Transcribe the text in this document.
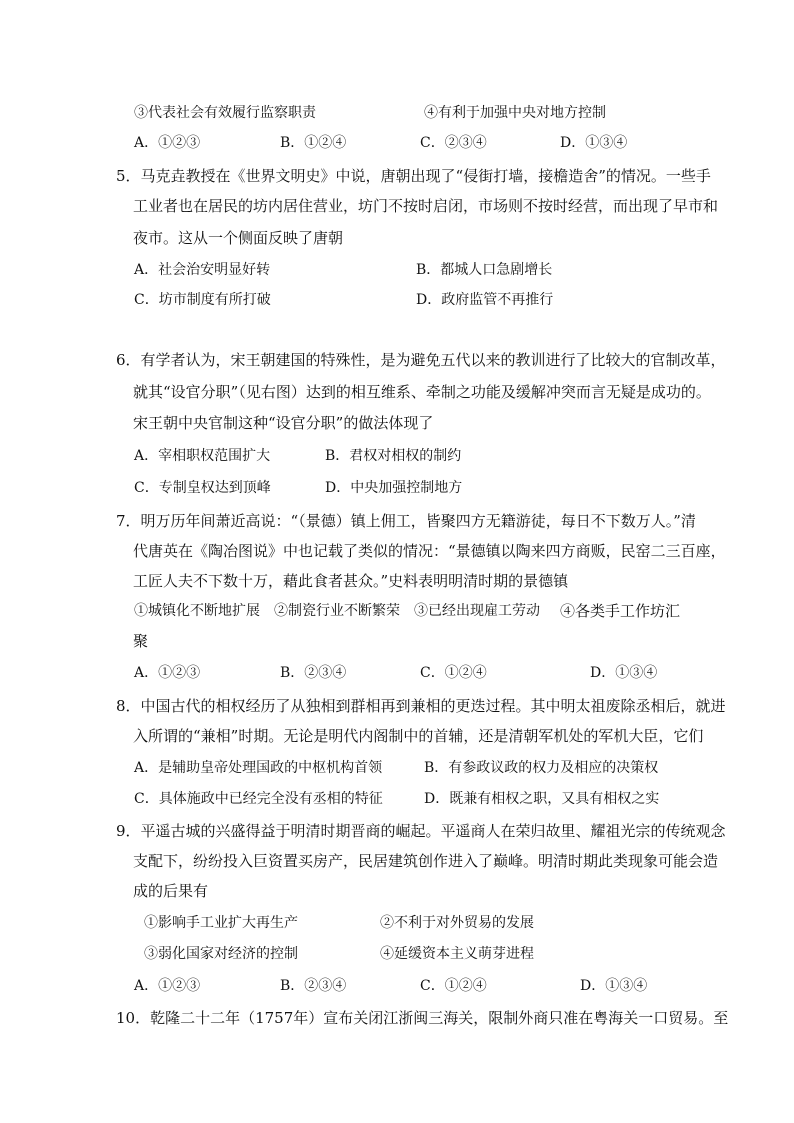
③代表社会有效履行监察职责	④有利于加强中央对地方控制
A．①②③	B．①②④	C．②③④	D．①③④
5．马克垚教授在《世界文明史》中说，唐朝出现了“侵街打墙，接檐造舍”的情况。一些手
工业者也在居民的坊内居住营业，坊门不按时启闭，市场则不按时经营，而出现了早市和
夜市。这从一个侧面反映了唐朝
A．社会治安明显好转	B．都城人口急剧增长
C．坊市制度有所打破	D．政府监管不再推行
6．有学者认为，宋王朝建国的特殊性，是为避免五代以来的教训进行了比较大的官制改革，
就其“设官分职”（见右图）达到的相互维系、牵制之功能及缓解冲突而言无疑是成功的。
宋王朝中央官制这种“设官分职”的做法体现了
A．宰相职权范围扩大	B．君权对相权的制约
C．专制皇权达到顶峰	D．中央加强控制地方
7．明万历年间萧近高说：“（景德）镇上佣工，皆聚四方无籍游徒，每日不下数万人。”清
代唐英在《陶冶图说》中也记载了类似的情况：“景德镇以陶来四方商贩，民窑二三百座，
工匠人夫不下数十万，藉此食者甚众。”史料表明明清时期的景德镇
①城镇化不断地扩展 ②制瓷行业不断繁荣 ③已经出现雇工劳动 ④各类手工作坊汇
聚
A．①②③	B．②③④	C．①②④	D．①③④
8．中国古代的相权经历了从独相到群相再到兼相的更迭过程。其中明太祖废除丞相后，就进
入所谓的“兼相”时期。无论是明代内阁制中的首辅，还是清朝军机处的军机大臣，它们
A．是辅助皇帝处理国政的中枢机构首领	B．有参政议政的权力及相应的决策权
C．具体施政中已经完全没有丞相的特征	D．既兼有相权之职，又具有相权之实
9．平遥古城的兴盛得益于明清时期晋商的崛起。平遥商人在荣归故里、耀祖光宗的传统观念
支配下，纷纷投入巨资置买房产，民居建筑创作进入了巅峰。明清时期此类现象可能会造
成的后果有
①影响手工业扩大再生产	②不利于对外贸易的发展
③弱化国家对经济的控制	④延缓资本主义萌芽进程
A．①②③	B．②③④	C．①②④	D．①③④
10．乾隆二十二年（1757年）宣布关闭江浙闽三海关，限制外商只准在粤海关一口贸易。至
